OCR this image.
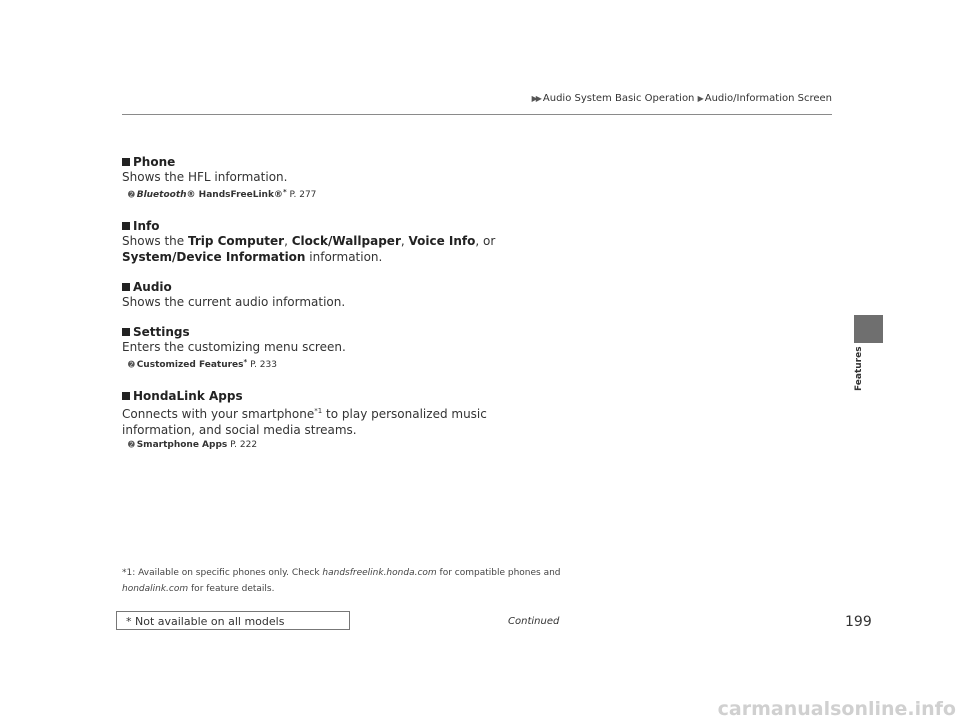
▶▶ Audio System Basic Operation ▶ Audio/Information Screen
Features
Phone
Shows the HFL information.
➋ Bluetooth® HandsFreeLink®* P. 277
Info
Shows the Trip Computer, Clock/Wallpaper, Voice Info, or System/Device Information information.
Audio
Shows the current audio information.
Settings
Enters the customizing menu screen.
➋ Customized Features* P. 233
HondaLink Apps
Connects with your smartphone$^{*1}$ to play personalized music information, and social media streams.
➋ Smartphone Apps P. 222
*1: Available on specific phones only. Check handsfreelink.honda.com for compatible phones and hondalink.com for feature details.
* Not available on all models	Continued	199
carmanualsonline.info
